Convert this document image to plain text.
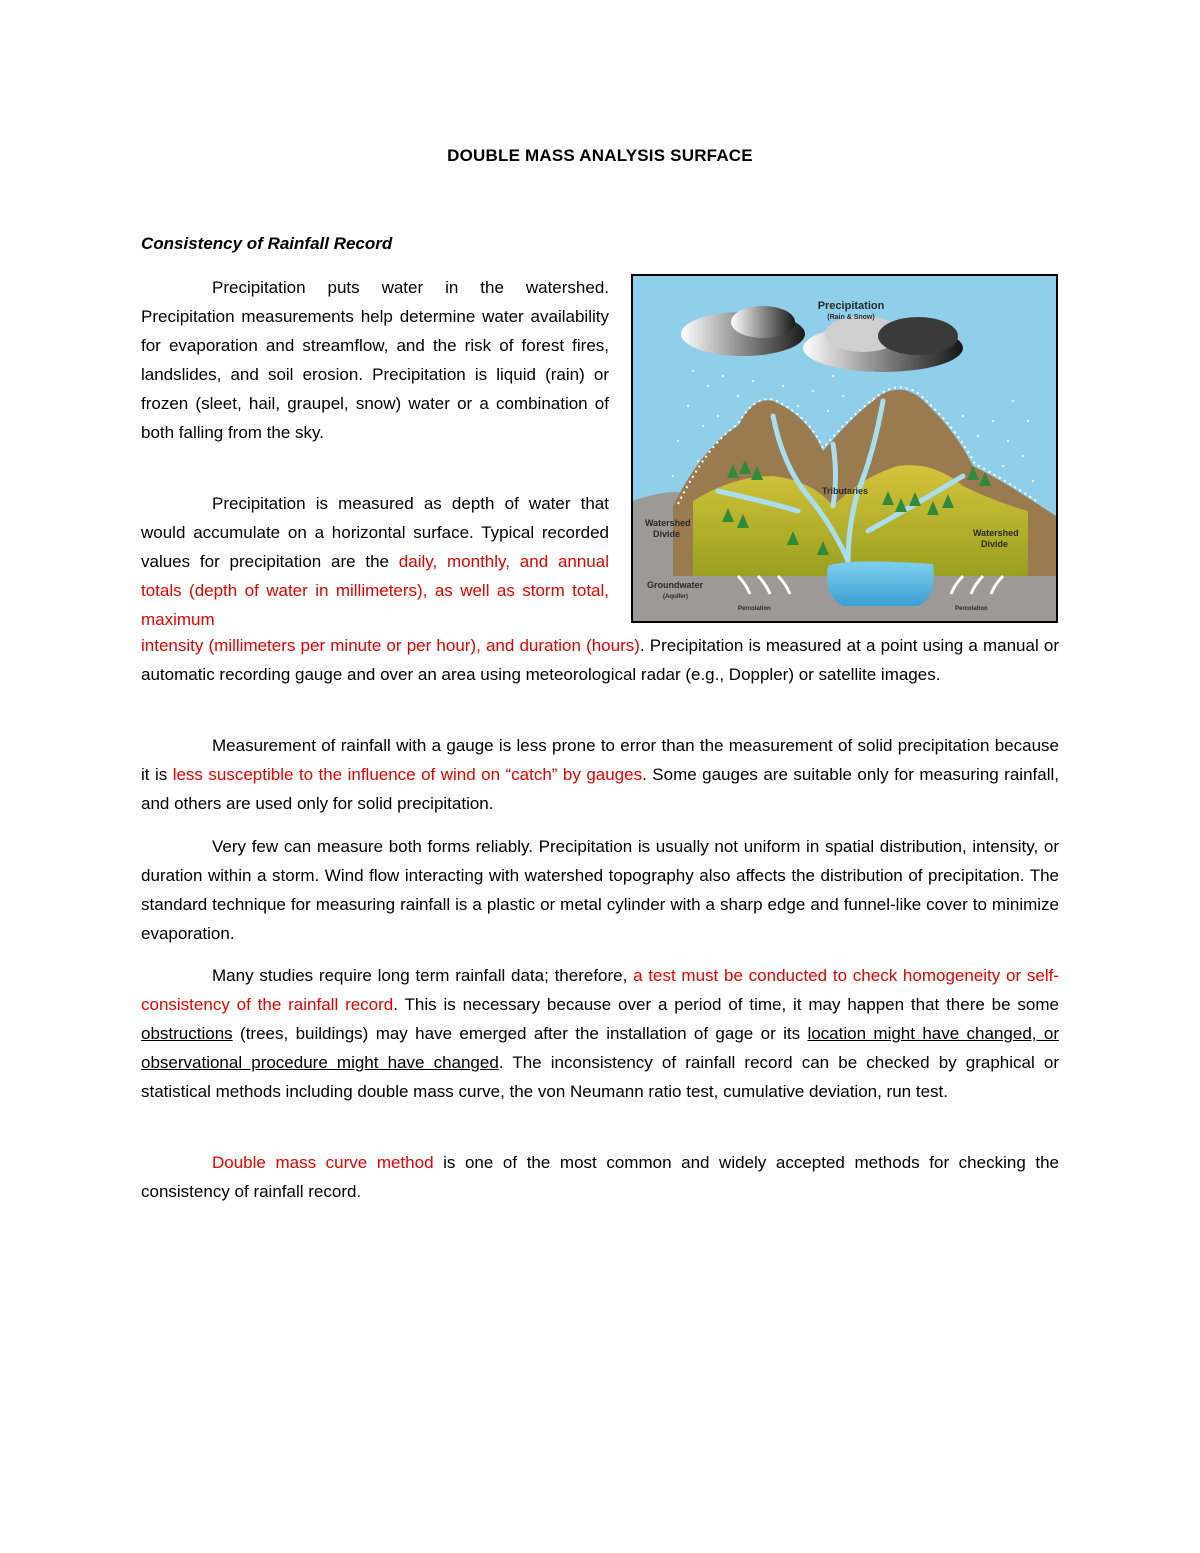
DOUBLE MASS ANALYSIS SURFACE
Consistency of Rainfall Record
Precipitation puts water in the watershed. Precipitation measurements help determine water availability for evaporation and streamflow, and the risk of forest fires, landslides, and soil erosion. Precipitation is liquid (rain) or frozen (sleet, hail, graupel, snow) water or a combination of both falling from the sky.
Precipitation is measured as depth of water that would accumulate on a horizontal surface. Typical recorded values for precipitation are the daily, monthly, and annual totals (depth of water in millimeters), as well as storm total, maximum
intensity (millimeters per minute or per hour), and duration (hours). Precipitation is measured at a point using a manual or automatic recording gauge and over an area using meteorological radar (e.g., Doppler) or satellite images.
Measurement of rainfall with a gauge is less prone to error than the measurement of solid precipitation because it is less susceptible to the influence of wind on “catch” by gauges. Some gauges are suitable only for measuring rainfall, and others are used only for solid precipitation.
Very few can measure both forms reliably. Precipitation is usually not uniform in spatial distribution, intensity, or duration within a storm. Wind flow interacting with watershed topography also affects the distribution of precipitation. The standard technique for measuring rainfall is a plastic or metal cylinder with a sharp edge and funnel-like cover to minimize evaporation.
Many studies require long term rainfall data; therefore, a test must be conducted to check homogeneity or self-consistency of the rainfall record. This is necessary because over a period of time, it may happen that there be some obstructions (trees, buildings) may have emerged after the installation of gage or its location might have changed, or observational procedure might have changed. The inconsistency of rainfall record can be checked by graphical or statistical methods including double mass curve, the von Neumann ratio test, cumulative deviation, run test.
Double mass curve method is one of the most common and widely accepted methods for checking the consistency of rainfall record.
Precipitation
(Rain & Snow)
Tributaries
Watershed
Divide	Watershed
Divide
Groundwater
(Aquifer)
Percolation	Percolation
